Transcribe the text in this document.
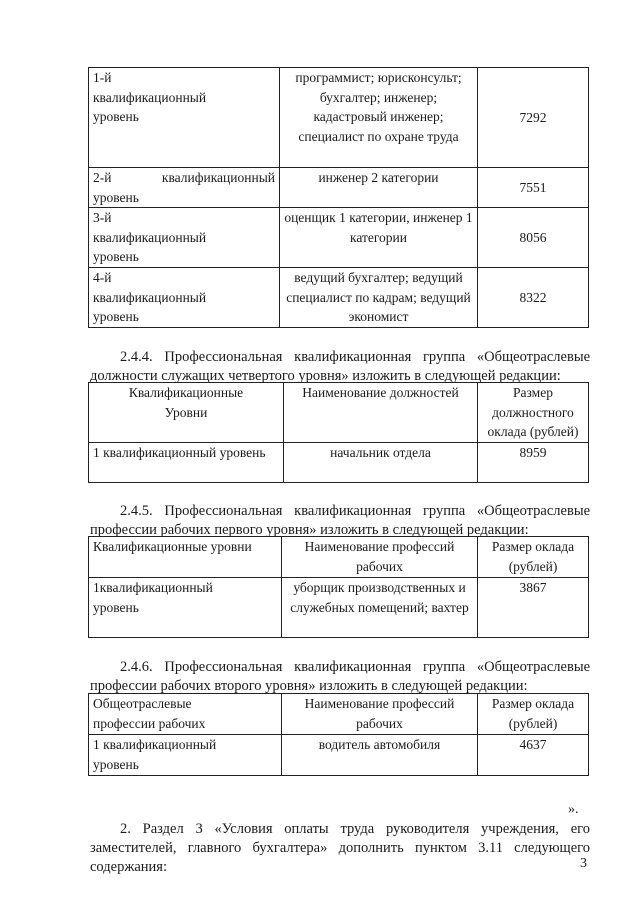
1-й квалификационный уровень	программист; юрисконсульт; бухгалтер; инженер; кадастровый инженер; специалист по охране труда	7292
2-й квалификационный уровень	инженер 2 категории	7551
3-й квалификационный уровень	оценщик 1 категории, инженер 1 категории	8056
4-й квалификационный уровень	ведущий бухгалтер; ведущий специалист по кадрам; ведущий экономист	8322
2.4.4. Профессиональная квалификационная группа «Общеотраслевые должности служащих четвертого уровня» изложить в следующей редакции:
Квалификационные Уровни	Наименование должностей	Размер должностного оклада (рублей)
1 квалификационный уровень	начальник отдела	8959
2.4.5. Профессиональная квалификационная группа «Общеотраслевые профессии рабочих первого уровня» изложить в следующей редакции:
Квалификационные уровни	Наименование профессий рабочих	Размер оклада (рублей)
1квалификационный уровень	уборщик производственных и служебных помещений; вахтер	3867
2.4.6. Профессиональная квалификационная группа «Общеотраслевые профессии рабочих второго уровня» изложить в следующей редакции:
Общеотраслевые профессии рабочих	Наименование профессий рабочих	Размер оклада (рублей)
1 квалификационный уровень	водитель автомобиля	4637
».
2. Раздел 3 «Условия оплаты труда руководителя учреждения, его заместителей, главного бухгалтера» дополнить пунктом 3.11 следующего содержания:	3
